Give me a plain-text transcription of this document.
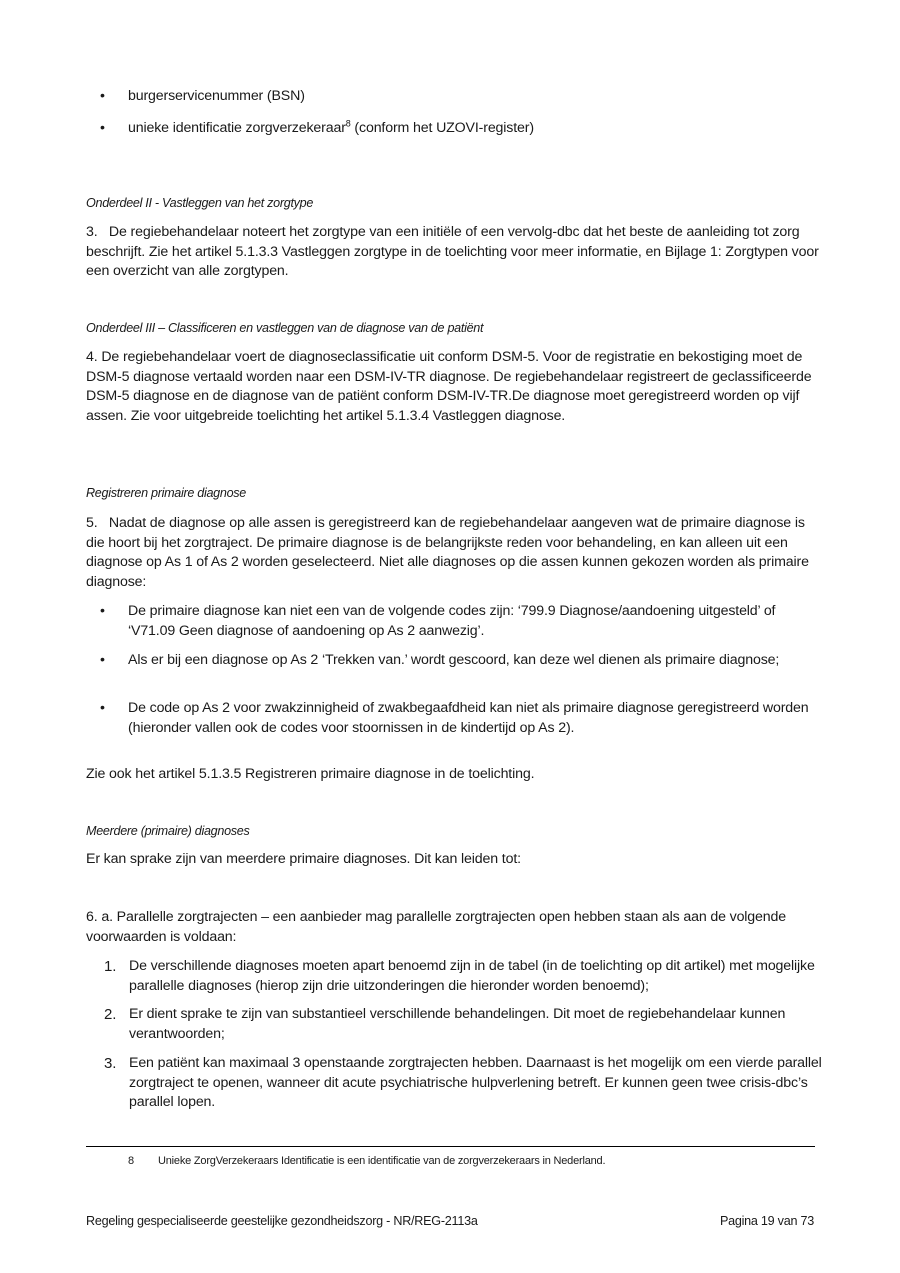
•	burgerservicenummer (BSN)
•	unieke identificatie zorgverzekeraar$^8$ (conform het UZOVI-register)
Onderdeel II - Vastleggen van het zorgtype
3.   De regiebehandelaar noteert het zorgtype van een initiële of een vervolg-dbc dat het beste de aanleiding tot zorg beschrijft. Zie het artikel 5.1.3.3 Vastleggen zorgtype in de toelichting voor meer informatie, en Bijlage 1: Zorgtypen voor een overzicht van alle zorgtypen.
Onderdeel III – Classificeren en vastleggen van de diagnose van de patiënt
4. De regiebehandelaar voert de diagnoseclassificatie uit conform DSM-5. Voor de registratie en bekostiging moet de DSM-5 diagnose vertaald worden naar een DSM-IV-TR diagnose. De regiebehandelaar registreert de geclassificeerde DSM-5 diagnose en de diagnose van de patiënt conform DSM-IV-TR.De diagnose moet geregistreerd worden op vijf assen. Zie voor uitgebreide toelichting het artikel 5.1.3.4 Vastleggen diagnose.
Registreren primaire diagnose
5.   Nadat de diagnose op alle assen is geregistreerd kan de regiebehandelaar aangeven wat de primaire diagnose is die hoort bij het zorgtraject. De primaire diagnose is de belangrijkste reden voor behandeling, en kan alleen uit een diagnose op As 1 of As 2 worden geselecteerd. Niet alle diagnoses op die assen kunnen gekozen worden als primaire diagnose:
•	De primaire diagnose kan niet een van de volgende codes zijn: ‘799.9 Diagnose/aandoening uitgesteld’ of ‘V71.09 Geen diagnose of aandoening op As 2 aanwezig’.
•	Als er bij een diagnose op As 2 ‘Trekken van.’ wordt gescoord, kan deze wel dienen als primaire diagnose;
•	De code op As 2 voor zwakzinnigheid of zwakbegaafdheid kan niet als primaire diagnose geregistreerd worden (hieronder vallen ook de codes voor stoornissen in de kindertijd op As 2).
Zie ook het artikel 5.1.3.5 Registreren primaire diagnose in de toelichting.
Meerdere (primaire) diagnoses
Er kan sprake zijn van meerdere primaire diagnoses. Dit kan leiden tot:
6. a. Parallelle zorgtrajecten – een aanbieder mag parallelle zorgtrajecten open hebben staan als aan de volgende voorwaarden is voldaan:
1. De verschillende diagnoses moeten apart benoemd zijn in de tabel (in de toelichting op dit artikel) met mogelijke parallelle diagnoses (hierop zijn drie uitzonderingen die hieronder worden benoemd);
2. Er dient sprake te zijn van substantieel verschillende behandelingen. Dit moet de regiebehandelaar kunnen verantwoorden;
3. Een patiënt kan maximaal 3 openstaande zorgtrajecten hebben. Daarnaast is het mogelijk om een vierde parallel zorgtraject te openen, wanneer dit acute psychiatrische hulpverlening betreft. Er kunnen geen twee crisis-dbc’s parallel lopen.
8 Unieke ZorgVerzekeraars Identificatie is een identificatie van de zorgverzekeraars in Nederland.
Regeling gespecialiseerde geestelijke gezondheidszorg - NR/REG-2113a	Pagina 19 van 73
